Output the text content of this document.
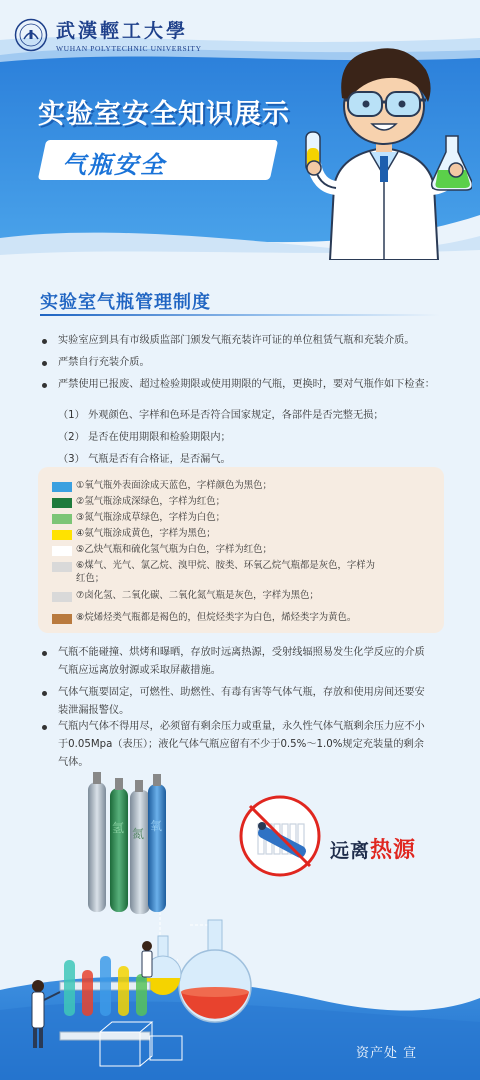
武漢輕工大學
WUHAN POLYTECHNIC UNIVERSITY
实验室安全知识展示
气瓶安全
实验室气瓶管理制度
实验室应到具有市级质监部门颁发气瓶充装许可证的单位租赁气瓶和充装介质。
严禁自行充装介质。
严禁使用已报废、超过检验期限或使用期限的气瓶，更换时，要对气瓶作如下检查：
（1） 外观颜色、字样和色环是否符合国家规定，各部件是否完整无损；
（2） 是否在使用期限和检验期限内；
（3） 气瓶是否有合格证，是否漏气。
①氧气瓶外表面涂成天蓝色，字样颜色为黑色；
②氢气瓶涂成深绿色，字样为红色；
③氮气瓶涂成草绿色，字样为白色；
④氨气瓶涂成黄色，字样为黑色；
⑤乙炔气瓶和硫化氢气瓶为白色，字样为红色；
⑥煤气、光气、氯乙烷、溴甲烷、胺类、环氧乙烷气瓶都是灰色，字样为
红色；
⑦卤化氢、二氧化碳、二氧化氮气瓶是灰色，字样为黑色；
⑧烷烯烃类气瓶都是褐色的，但烷烃类字为白色，烯烃类字为黄色。
气瓶不能碰撞、烘烤和曝晒，存放时远离热源，受射线辐照易发生化学反应的介质
气瓶应远离放射源或采取屏蔽措施。
气体气瓶要固定，可燃性、助燃性、有毒有害等气体气瓶，存放和使用房间还要安
装泄漏报警仪。
气瓶内气体不得用尽，必须留有剩余压力或重量，永久性气体气瓶剩余压力应不小
于0.05Mpa（表压）；液化气体气瓶应留有不少于0.5%～1.0%规定充装量的剩余
气体。
氢 氮
氧
远离热源
资产处 宣
